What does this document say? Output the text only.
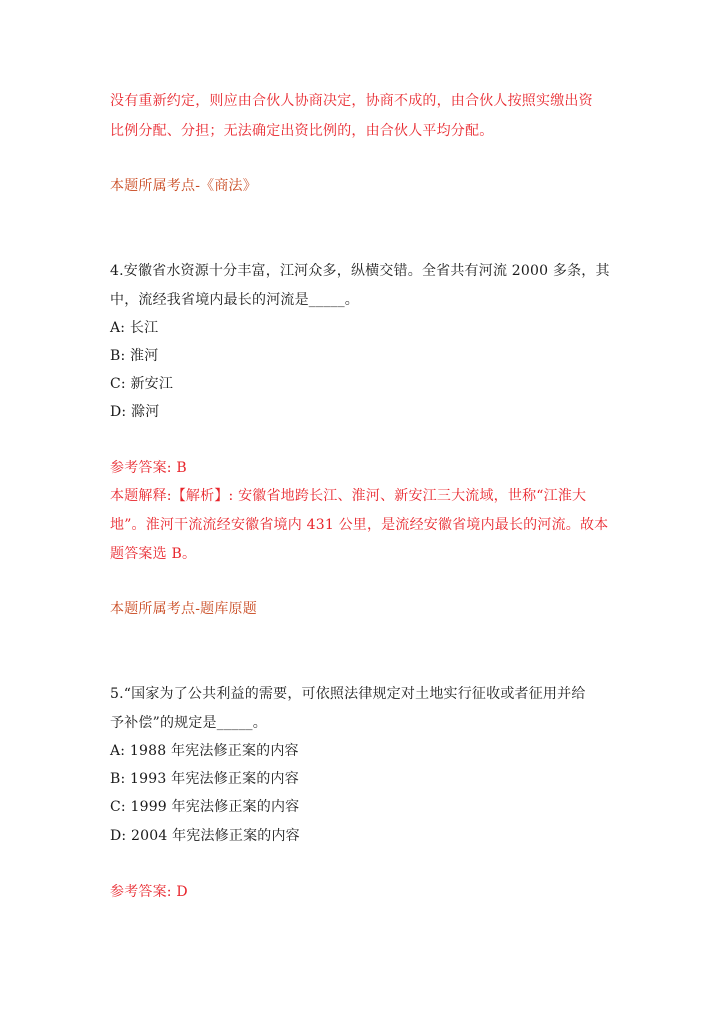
没有重新约定，则应由合伙人协商决定，协商不成的，由合伙人按照实缴出资
比例分配、分担；无法确定出资比例的，由合伙人平均分配。
本题所属考点-《商法》
4.安徽省水资源十分丰富，江河众多，纵横交错。全省共有河流 2000 多条，其
中，流经我省境内最长的河流是_____。
A: 长江
B: 淮河
C: 新安江
D: 滁河
参考答案: B
本题解释:【解析】: 安徽省地跨长江、淮河、新安江三大流域，世称“江淮大
地”。淮河干流流经安徽省境内 431 公里，是流经安徽省境内最长的河流。故本
题答案选 B。
本题所属考点-题库原题
5.“国家为了公共利益的需要，可依照法律规定对土地实行征收或者征用并给
予补偿”的规定是_____。
A: 1988 年宪法修正案的内容
B: 1993 年宪法修正案的内容
C: 1999 年宪法修正案的内容
D: 2004 年宪法修正案的内容
参考答案: D
